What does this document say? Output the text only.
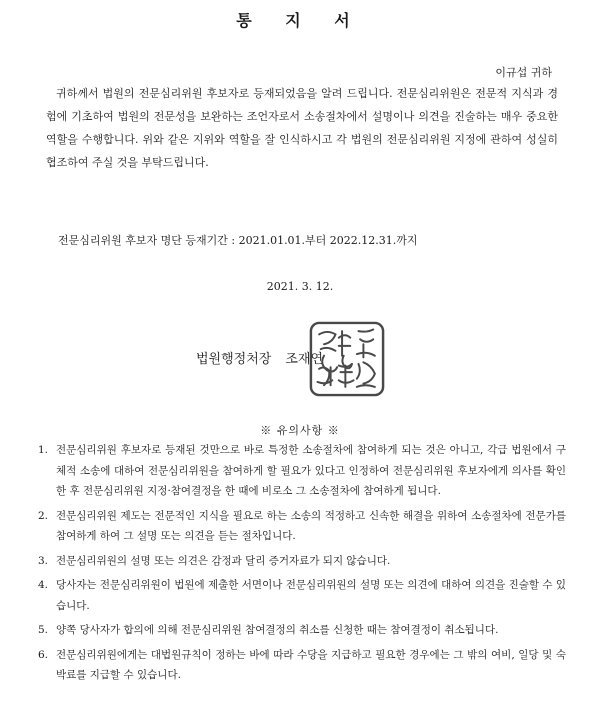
통 지 서
이규섭 귀하

귀하께서 법원의 전문심리위원 후보자로 등재되었음을 알려 드립니다. 전문심리위원은 전문적 지식과 경험에 기초하여 법원의 전문성을 보완하는 조언자로서 소송절차에서 설명이나 의견을 진술하는 매우 중요한 역할을 수행합니다. 위와 같은 지위와 역할을 잘 인식하시고 각 법원의 전문심리위원 지정에 관하여 성실히 협조하여 주실 것을 부탁드립니다.

전문심리위원 후보자 명단 등재기간 : 2021.01.01.부터 2022.12.31.까지
2021. 3. 12.
법원행정처장 조재연
※ 유의사항 ※
1. 전문심리위원 후보자로 등재된 것만으로 바로 특정한 소송절차에 참여하게 되는 것은 아니고, 각급 법원에서 구체적 소송에 대하여 전문심리위원을 참여하게 할 필요가 있다고 인정하여 전문심리위원 후보자에게 의사를 확인한 후 전문심리위원 지정·참여결정을 한 때에 비로소 그 소송절차에 참여하게 됩니다.
2. 전문심리위원 제도는 전문적인 지식을 필요로 하는 소송의 적정하고 신속한 해결을 위하여 소송절차에 전문가를 참여하게 하여 그 설명 또는 의견을 듣는 절차입니다.
3. 전문심리위원의 설명 또는 의견은 감정과 달리 증거자료가 되지 않습니다.
4. 당사자는 전문심리위원이 법원에 제출한 서면이나 전문심리위원의 설명 또는 의견에 대하여 의견을 진술할 수 있습니다.
5. 양쪽 당사자가 합의에 의해 전문심리위원 참여결정의 취소를 신청한 때는 참여결정이 취소됩니다.
6. 전문심리위원에게는 대법원규칙이 정하는 바에 따라 수당을 지급하고 필요한 경우에는 그 밖의 여비, 일당 및 숙박료를 지급할 수 있습니다.
